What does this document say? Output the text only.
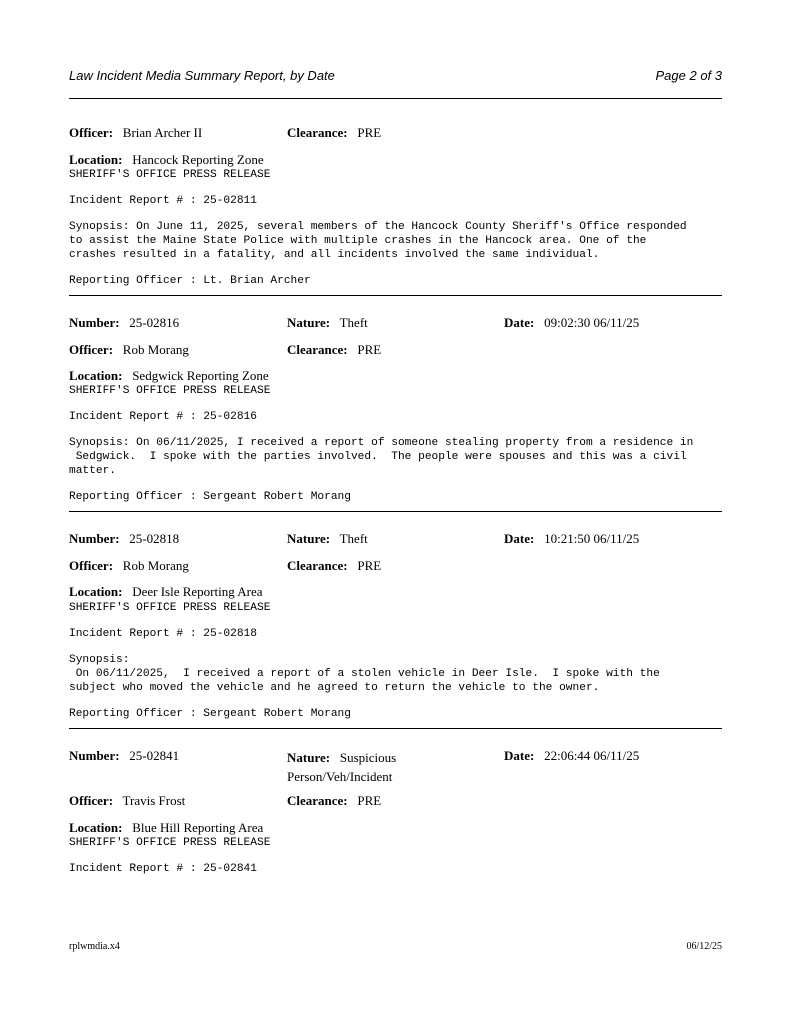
Law Incident Media Summary Report, by Date	Page 2 of 3
Officer: Brian Archer II	Clearance: PRE
Location: Hancock Reporting Zone
SHERIFF'S OFFICE PRESS RELEASE
Incident Report # : 25-02811
Synopsis: On June 11, 2025, several members of the Hancock County Sheriff's Office responded
to assist the Maine State Police with multiple crashes in the Hancock area. One of the
crashes resulted in a fatality, and all incidents involved the same individual.
Reporting Officer : Lt. Brian Archer
Number: 25-02816	Nature: Theft	Date: 09:02:30 06/11/25
Officer: Rob Morang	Clearance: PRE
Location: Sedgwick Reporting Zone
SHERIFF'S OFFICE PRESS RELEASE
Incident Report # : 25-02816
Synopsis: On 06/11/2025, I received a report of someone stealing property from a residence in
Sedgwick.  I spoke with the parties involved.  The people were spouses and this was a civil
matter.
Reporting Officer : Sergeant Robert Morang
Number: 25-02818	Nature: Theft	Date: 10:21:50 06/11/25
Officer: Rob Morang	Clearance: PRE
Location: Deer Isle Reporting Area
SHERIFF'S OFFICE PRESS RELEASE
Incident Report # : 25-02818
Synopsis:
On 06/11/2025,  I received a report of a stolen vehicle in Deer Isle.  I spoke with the
subject who moved the vehicle and he agreed to return the vehicle to the owner.
Reporting Officer : Sergeant Robert Morang
Number: 25-02841	Nature: Suspicious
Person/Veh/Incident
Date: 22:06:44 06/11/25
Officer: Travis Frost	Clearance: PRE
Location: Blue Hill Reporting Area
SHERIFF'S OFFICE PRESS RELEASE
Incident Report # : 25-02841
rplwmdia.x4	06/12/25
